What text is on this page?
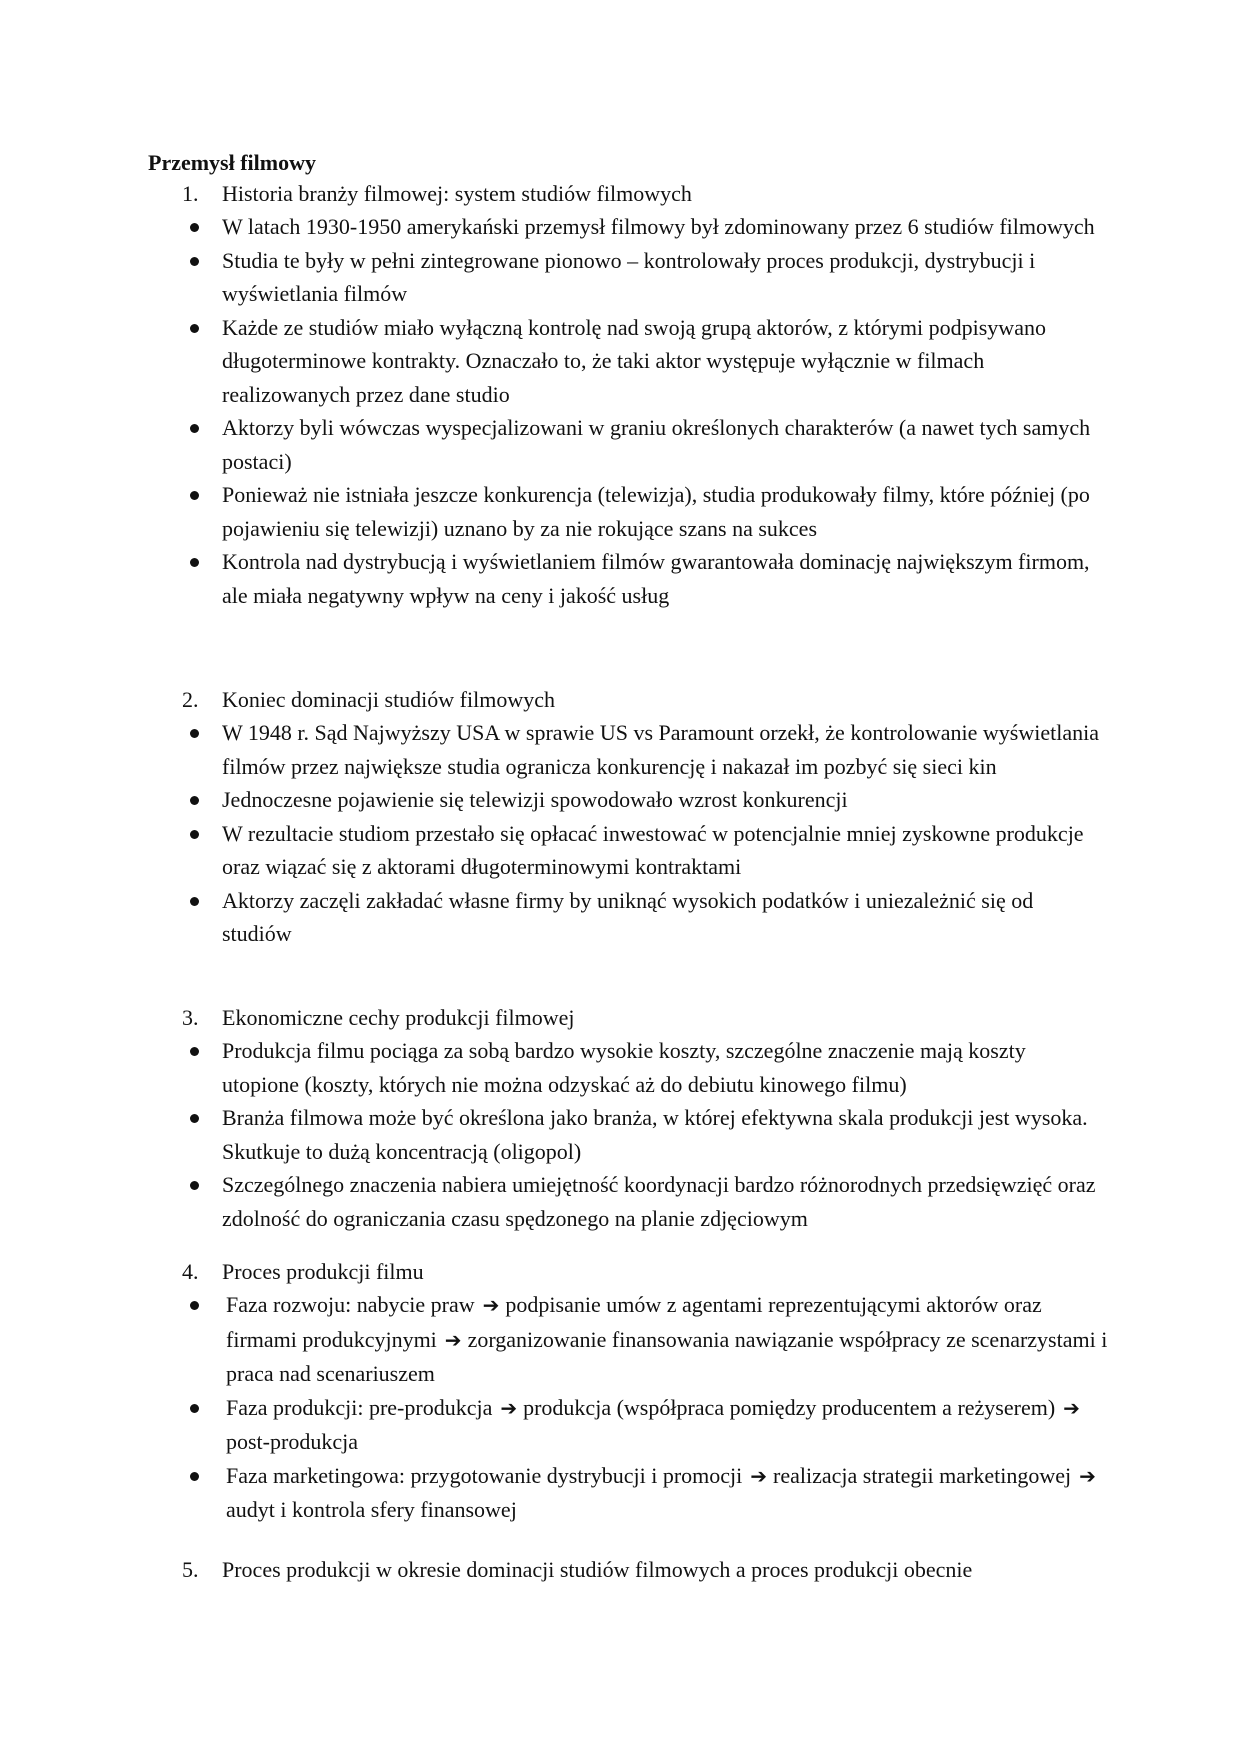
Przemysł filmowy
1. Historia branży filmowej: system studiów filmowych
W latach 1930-1950 amerykański przemysł filmowy był zdominowany przez 6 studiów filmowych
Studia te były w pełni zintegrowane pionowo – kontrolowały proces produkcji, dystrybucji i wyświetlania filmów
Każde ze studiów miało wyłączną kontrolę nad swoją grupą aktorów, z którymi podpisywano długoterminowe kontrakty. Oznaczało to, że taki aktor występuje wyłącznie w filmach realizowanych przez dane studio
Aktorzy byli wówczas wyspecjalizowani w graniu określonych charakterów (a nawet tych samych postaci)
Ponieważ nie istniała jeszcze konkurencja (telewizja), studia produkowały filmy, które później (po pojawieniu się telewizji) uznano by za nie rokujące szans na sukces
Kontrola nad dystrybucją i wyświetlaniem filmów gwarantowała dominację największym firmom, ale miała negatywny wpływ na ceny i jakość usług
2. Koniec dominacji studiów filmowych
W 1948 r. Sąd Najwyższy USA w sprawie US vs Paramount orzekł, że kontrolowanie wyświetlania filmów przez największe studia ogranicza konkurencję i nakazał im pozbyć się sieci kin
Jednoczesne pojawienie się telewizji spowodowało wzrost konkurencji
W rezultacie studiom przestało się opłacać inwestować w potencjalnie mniej zyskowne produkcje oraz wiązać się z aktorami długoterminowymi kontraktami
Aktorzy zaczęli zakładać własne firmy by uniknąć wysokich podatków i uniezależnić się od studiów
3. Ekonomiczne cechy produkcji filmowej
Produkcja filmu pociąga za sobą bardzo wysokie koszty, szczególne znaczenie mają koszty utopione (koszty, których nie można odzyskać aż do debiutu kinowego filmu)
Branża filmowa może być określona jako branża, w której efektywna skala produkcji jest wysoka. Skutkuje to dużą koncentracją (oligopol)
Szczególnego znaczenia nabiera umiejętność koordynacji bardzo różnorodnych przedsięwzięć oraz zdolność do ograniczania czasu spędzonego na planie zdjęciowym
4. Proces produkcji filmu
Faza rozwoju: nabycie praw ➔ podpisanie umów z agentami reprezentującymi aktorów oraz firmami produkcyjnymi ➔ zorganizowanie finansowania nawiązanie współpracy ze scenarzystami i praca nad scenariuszem
Faza produkcji: pre-produkcja ➔ produkcja (współpraca pomiędzy producentem a reżyserem) ➔post-produkcja
Faza marketingowa: przygotowanie dystrybucji i promocji ➔ realizacja strategii marketingowej ➔audyt i kontrola sfery finansowej
5. Proces produkcji w okresie dominacji studiów filmowych a proces produkcji obecnie
